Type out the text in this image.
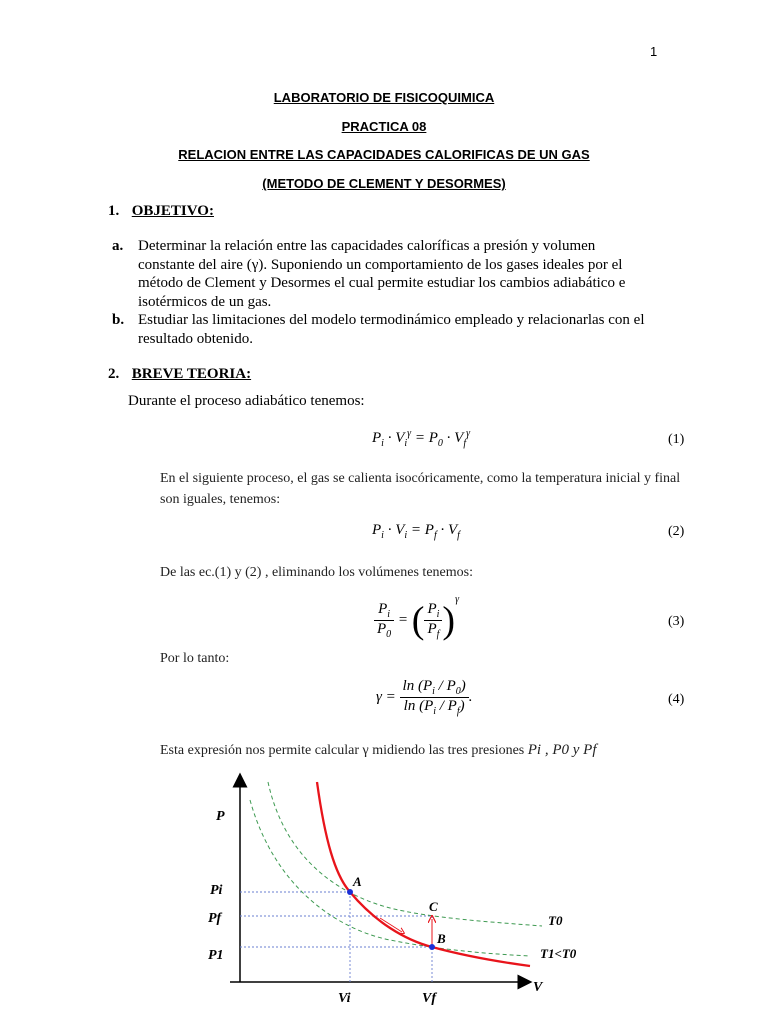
1
LABORATORIO DE FISICOQUIMICA
PRACTICA 08
RELACION ENTRE LAS CAPACIDADES CALORIFICAS DE UN GAS
(METODO DE CLEMENT Y DESORMES)
1. OBJETIVO:
a. Determinar la relación entre las capacidades caloríficas a presión y volumen constante del aire (γ). Suponiendo un comportamiento de los gases ideales por el método de Clement y Desormes el cual permite estudiar los cambios adiabático e isotérmicos de un gas.
b. Estudiar las limitaciones del modelo termodinámico empleado y relacionarlas con el resultado obtenido.
2. BREVE TEORIA:
Durante el proceso adiabático tenemos:
$P_i \cdot V_i^\gamma = P_0 \cdot V_f^\gamma$	(1)
En el siguiente proceso, el gas se calienta isocóricamente, como la temperatura inicial y final son iguales, tenemos:
$P_i \cdot V_i = P_f \cdot V_f$	(2)
De las ec.(1) y (2) , eliminando los volúmenes tenemos:
$\frac{P_i}{P_0}$ = ( $\frac{P_i}{P_f} )^\gamma$
(3)
Por lo tanto:
$\gamma = \frac{\ln (P_i / P_0)}{\ln (P_i / P_f)}$ .	(4)
Esta expresión nos permite calcular γ midiendo las tres presiones Pi , P0 y Pf
P
V
Pi
Pf
P1
Vi	Vf
A
B
C
T0
T1<T0
